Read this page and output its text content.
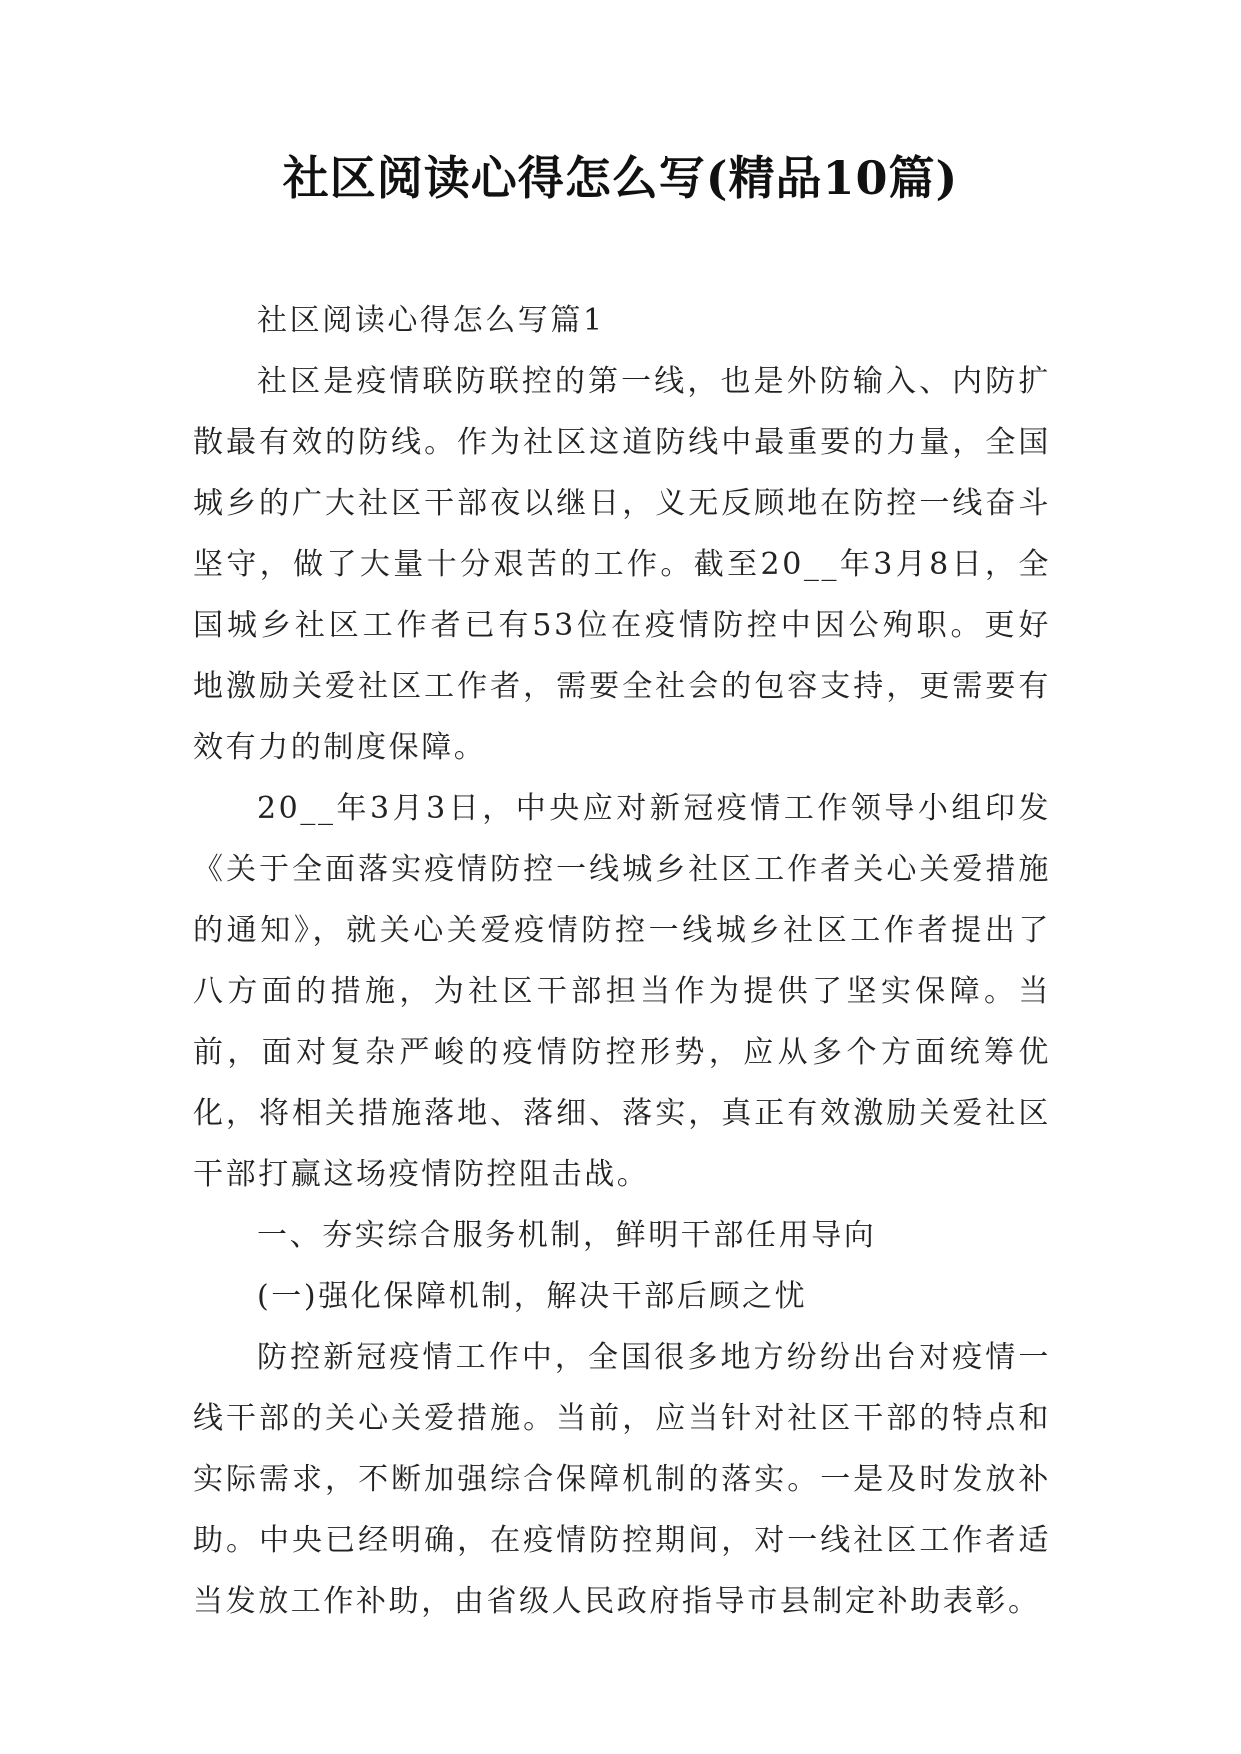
社区阅读心得怎么写(精品10篇)

社区阅读心得怎么写篇1

社区是疫情联防联控的第一线，也是外防输入、内防扩散最有效的防线。作为社区这道防线中最重要的力量，全国城乡的广大社区干部夜以继日，义无反顾地在防控一线奋斗坚守，做了大量十分艰苦的工作。截至20__年3月8日，全国城乡社区工作者已有53位在疫情防控中因公殉职。更好地激励关爱社区工作者，需要全社会的包容支持，更需要有效有力的制度保障。

20__年3月3日，中央应对新冠疫情工作领导小组印发《关于全面落实疫情防控一线城乡社区工作者关心关爱措施的通知》，就关心关爱疫情防控一线城乡社区工作者提出了八方面的措施，为社区干部担当作为提供了坚实保障。当前，面对复杂严峻的疫情防控形势，应从多个方面统筹优化，将相关措施落地、落细、落实，真正有效激励关爱社区干部打赢这场疫情防控阻击战。

一、夯实综合服务机制，鲜明干部任用导向

(一)强化保障机制，解决干部后顾之忧

防控新冠疫情工作中，全国很多地方纷纷出台对疫情一线干部的关心关爱措施。当前，应当针对社区干部的特点和实际需求，不断加强综合保障机制的落实。一是及时发放补助。中央已经明确，在疫情防控期间，对一线社区工作者适当发放工作补助，由省级人民政府指导市县制定补助表彰。
